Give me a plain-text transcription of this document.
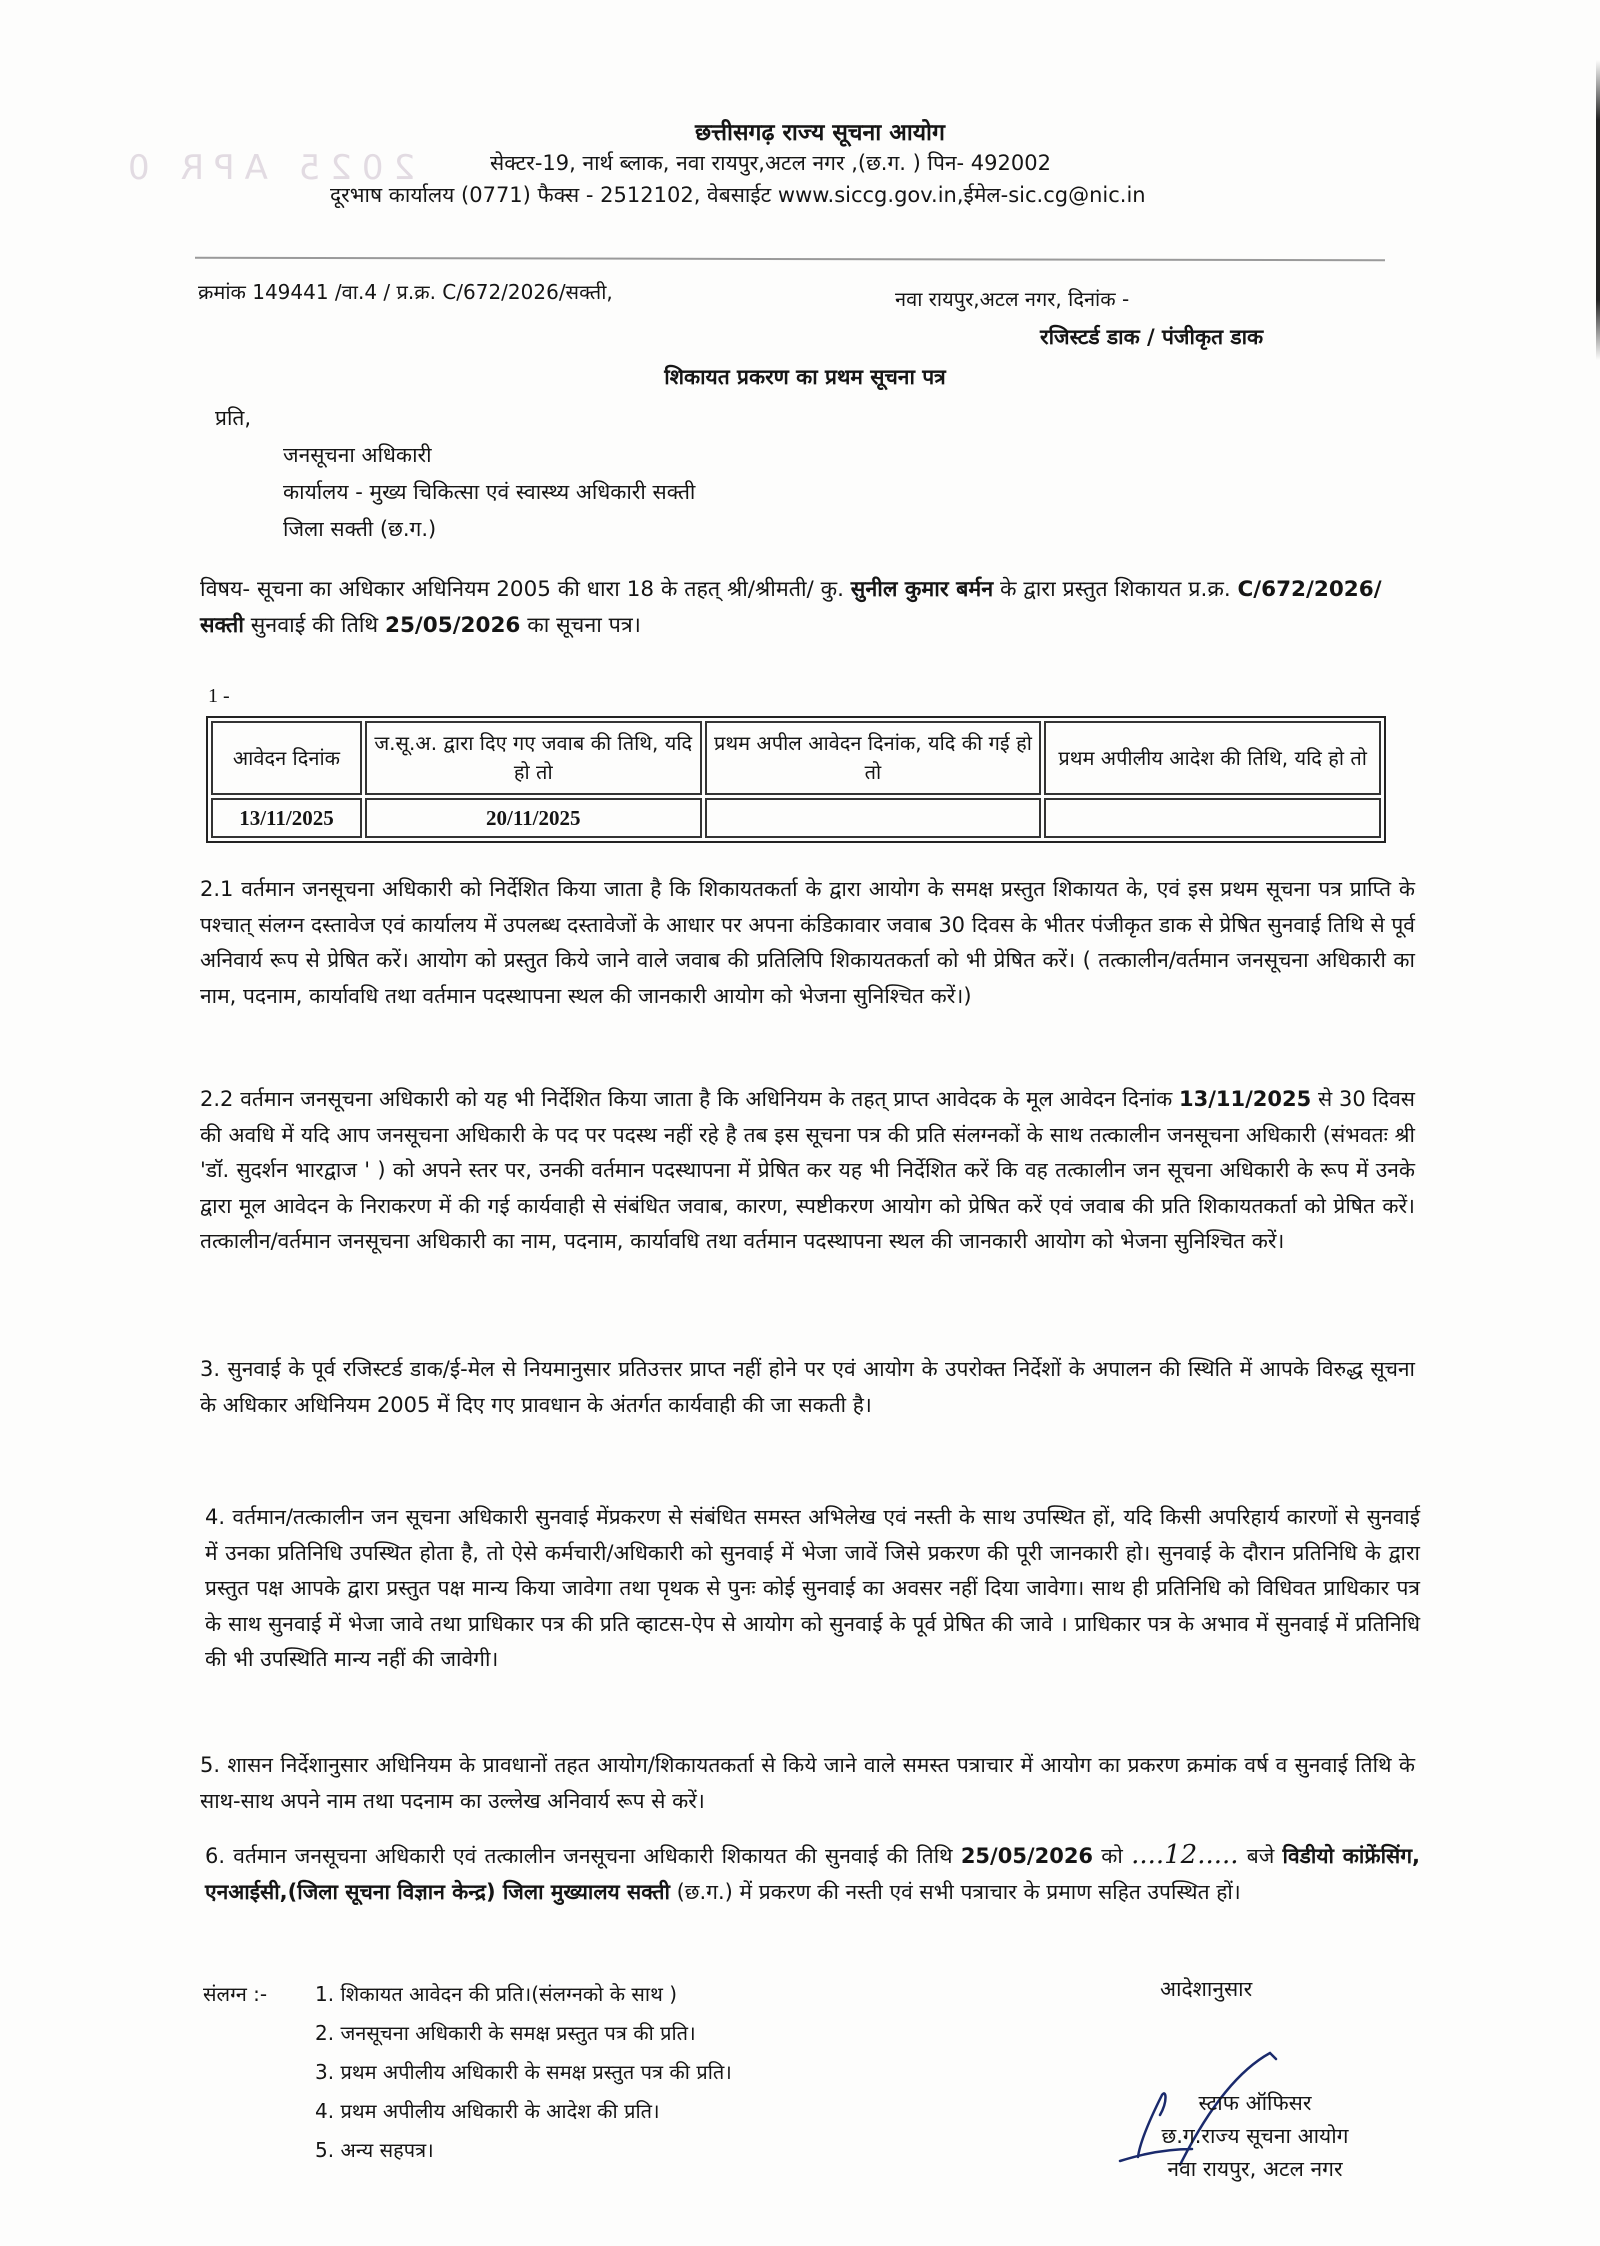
2025 APR 0
छत्तीसगढ़ राज्य सूचना आयोग
सेक्टर-19, नार्थ ब्लाक, नवा रायपुर,अटल नगर ,(छ.ग. ) पिन- 492002
दूरभाष कार्यालय (0771) फैक्स - 2512102, वेबसाईट www.siccg.gov.in,ईमेल-sic.cg@nic.in
क्रमांक 149441 /वा.4 / प्र.क्र. C/672/2026/सक्ती,	नवा रायपुर,अटल नगर, दिनांक -
रजिस्टर्ड डाक / पंजीकृत डाक
शिकायत प्रकरण का प्रथम सूचना पत्र
प्रति,
जनसूचना अधिकारी
कार्यालय - मुख्य चिकित्सा एवं स्वास्थ्य अधिकारी सक्ती
जिला सक्ती (छ.ग.)
विषय- सूचना का अधिकार अधिनियम 2005 की धारा 18 के तहत् श्री/श्रीमती/ कु. सुनील कुमार बर्मन के द्वारा प्रस्तुत शिकायत प्र.क्र. C/672/2026/सक्ती सुनवाई की तिथि 25/05/2026 का सूचना पत्र।
1 -
आवेदन दिनांक	ज.सू.अ. द्वारा दिए गए जवाब की तिथि, यदि हो तो	प्रथम अपील आवेदन दिनांक, यदि की गई हो तो	प्रथम अपीलीय आदेश की तिथि, यदि हो तो
13/11/2025	20/11/2025		
2.1 वर्तमान जनसूचना अधिकारी को निर्देशित किया जाता है कि शिकायतकर्ता के द्वारा आयोग के समक्ष प्रस्तुत शिकायत के, एवं इस प्रथम सूचना पत्र प्राप्ति के पश्चात् संलग्न दस्तावेज एवं कार्यालय में उपलब्ध दस्तावेजों के आधार पर अपना कंडिकावार जवाब 30 दिवस के भीतर पंजीकृत डाक से प्रेषित सुनवाई तिथि से पूर्व अनिवार्य रूप से प्रेषित करें। आयोग को प्रस्तुत किये जाने वाले जवाब की प्रतिलिपि शिकायतकर्ता को भी प्रेषित करें। ( तत्कालीन/वर्तमान जनसूचना अधिकारी का नाम, पदनाम, कार्यावधि तथा वर्तमान पदस्थापना स्थल की जानकारी आयोग को भेजना सुनिश्चित करें।)
2.2 वर्तमान जनसूचना अधिकारी को यह भी निर्देशित किया जाता है कि अधिनियम के तहत् प्राप्त आवेदक के मूल आवेदन दिनांक 13/11/2025 से 30 दिवस की अवधि में यदि आप जनसूचना अधिकारी के पद पर पदस्थ नहीं रहे है तब इस सूचना पत्र की प्रति संलग्नकों के साथ तत्कालीन जनसूचना अधिकारी (संभवतः श्री 'डॉ. सुदर्शन भारद्वाज ' ) को अपने स्तर पर, उनकी वर्तमान पदस्थापना में प्रेषित कर यह भी निर्देशित करें कि वह तत्कालीन जन सूचना अधिकारी के रूप में उनके द्वारा मूल आवेदन के निराकरण में की गई कार्यवाही से संबंधित जवाब, कारण, स्पष्टीकरण आयोग को प्रेषित करें एवं जवाब की प्रति शिकायतकर्ता को प्रेषित करें। तत्कालीन/वर्तमान जनसूचना अधिकारी का नाम, पदनाम, कार्यावधि तथा वर्तमान पदस्थापना स्थल की जानकारी आयोग को भेजना सुनिश्चित करें।
3. सुनवाई के पूर्व रजिस्टर्ड डाक/ई-मेल से नियमानुसार प्रतिउत्तर प्राप्त नहीं होने पर एवं आयोग के उपरोक्त निर्देशों के अपालन की स्थिति में आपके विरुद्ध सूचना के अधिकार अधिनियम 2005 में दिए गए प्रावधान के अंतर्गत कार्यवाही की जा सकती है।
4. वर्तमान/तत्कालीन जन सूचना अधिकारी सुनवाई मेंप्रकरण से संबंधित समस्त अभिलेख एवं नस्ती के साथ उपस्थित हों, यदि किसी अपरिहार्य कारणों से सुनवाई में उनका प्रतिनिधि उपस्थित होता है, तो ऐसे कर्मचारी/अधिकारी को सुनवाई में भेजा जावें जिसे प्रकरण की पूरी जानकारी हो। सुनवाई के दौरान प्रतिनिधि के द्वारा प्रस्तुत पक्ष आपके द्वारा प्रस्तुत पक्ष मान्य किया जावेगा तथा पृथक से पुनः कोई सुनवाई का अवसर नहीं दिया जावेगा। साथ ही प्रतिनिधि को विधिवत प्राधिकार पत्र के साथ सुनवाई में भेजा जावे तथा प्राधिकार पत्र की प्रति व्हाटस-ऐप से आयोग को सुनवाई के पूर्व प्रेषित की जावे । प्राधिकार पत्र के अभाव में सुनवाई में प्रतिनिधि की भी उपस्थिति मान्य नहीं की जावेगी।
5. शासन निर्देशानुसार अधिनियम के प्रावधानों तहत आयोग/शिकायतकर्ता से किये जाने वाले समस्त पत्राचार में आयोग का प्रकरण क्रमांक वर्ष व सुनवाई तिथि के साथ-साथ अपने नाम तथा पदनाम का उल्लेख अनिवार्य रूप से करें।
6. वर्तमान जनसूचना अधिकारी एवं तत्कालीन जनसूचना अधिकारी शिकायत की सुनवाई की तिथि 25/05/2026 को ....12..... बजे विडीयो कांफ्रेंसिंग, एनआईसी,(जिला सूचना विज्ञान केन्द्र) जिला मुख्यालय सक्ती (छ.ग.) में प्रकरण की नस्ती एवं सभी पत्राचार के प्रमाण सहित उपस्थित हों।
संलग्न :-	1. शिकायत आवेदन की प्रति।(संलग्नको के साथ )
2. जनसूचना अधिकारी के समक्ष प्रस्तुत पत्र की प्रति।
3. प्रथम अपीलीय अधिकारी के समक्ष प्रस्तुत पत्र की प्रति।
4. प्रथम अपीलीय अधिकारी के आदेश की प्रति।
5. अन्य सहपत्र।
आदेशानुसार
स्टाफ ऑफिसर
छ.ग.राज्य सूचना आयोग
नवा रायपुर, अटल नगर
